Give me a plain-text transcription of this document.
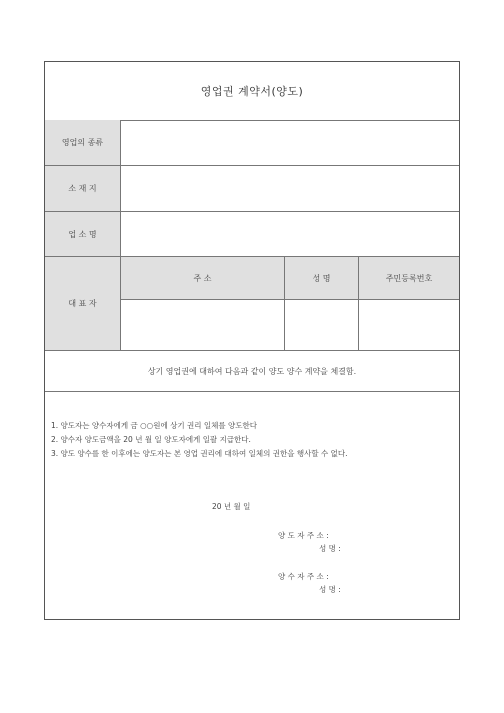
영업권 계약서(양도)
영업의 종류
소 재 지
업 소 명
대 표 자
주 소	성 명	주민등록번호
상기 영업권에 대하여 다음과 같이 양도 양수 계약을 체결함.
1. 양도자는 양수자에게 금 ○○원에 상기 권리 일체를 양도한다
2. 양수자 양도금액을 20 년 월 일 양도자에게 일괄 지급한다.
3. 양도 양수를 한 이후에는 양도자는 본 영업 권리에 대하여 일체의 권한을 행사할 수 없다.
20 년 월 일
양 도 자 주 소 :
성 명 :
양 수 자 주 소 :
성 명 :
